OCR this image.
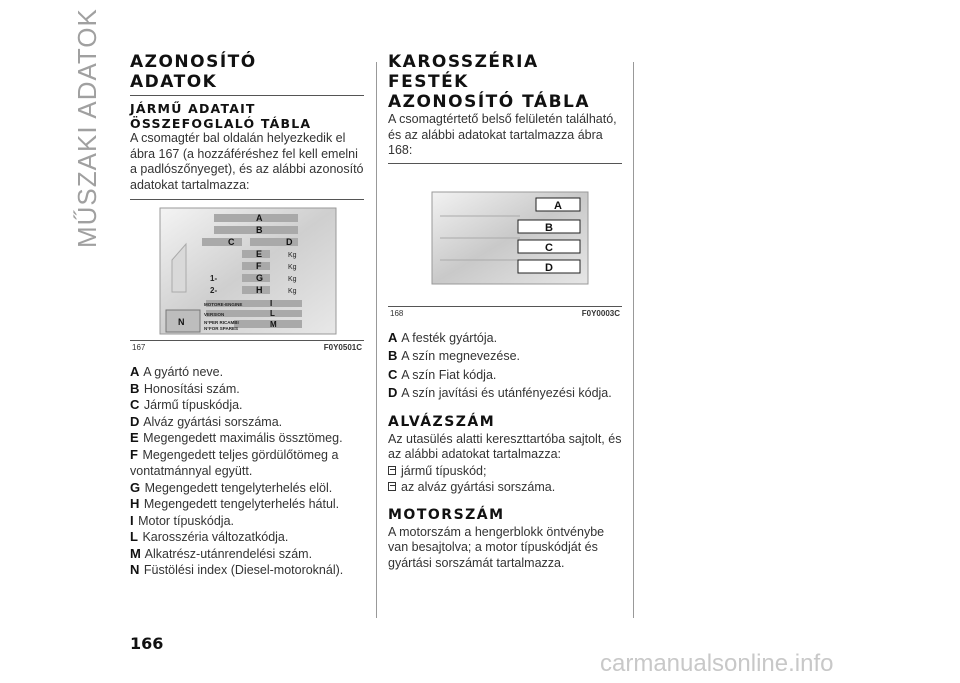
MŰSZAKI ADATOK AZONOSÍTÓ
ADATOK
JÁRMŰ ADATAIT
ÖSSZEFOGLALÓ TÁBLA
A csomagtér bal oldalán helyezkedik el ábra 167 (a hozzáféréshez fel kell emelni a padlószőnyeget), és az alábbi azonosító adatokat tartalmazza:
A
B
C	D
E
F
G
H
Kg
Kg
Kg
Kg
1-
2-
MOTORE-ENGINE	I
VERSION	L
N°PER RICAMBI
N°FOR SPARES	M
N
167	F0Y0501C
A A gyártó neve.
B Honosítási szám.
C Jármű típuskódja.
D Alváz gyártási sorszáma.
E Megengedett maximális össztömeg.
F Megengedett teljes gördülőtömeg a vontatmánnyal együtt.
G Megengedett tengelyterhelés elöl.
H Megengedett tengelyterhelés hátul.
I Motor típuskódja.
L Karosszéria változatkódja.
M Alkatrész-utánrendelési szám.
N Füstölési index (Diesel-motoroknál).
KAROSSZÉRIA FESTÉK
AZONOSÍTÓ TÁBLA
A csomagtértető belső felületén található, és az alábbi adatokat tartalmazza ábra 168:
A
B
C
D
168	F0Y0003C
A A festék gyártója.
B A szín megnevezése.
C A szín Fiat kódja.
D A szín javítási és utánfényezési kódja.
ALVÁZSZÁM
Az utasülés alatti kereszttartóba sajtolt, és az alábbi adatokat tartalmazza:
jármű típuskód;
az alváz gyártási sorszáma.
MOTORSZÁM
A motorszám a hengerblokk öntvénybe van besajtolva; a motor típuskódját és gyártási sorszámát tartalmazza.
166
carmanualsonline.info
